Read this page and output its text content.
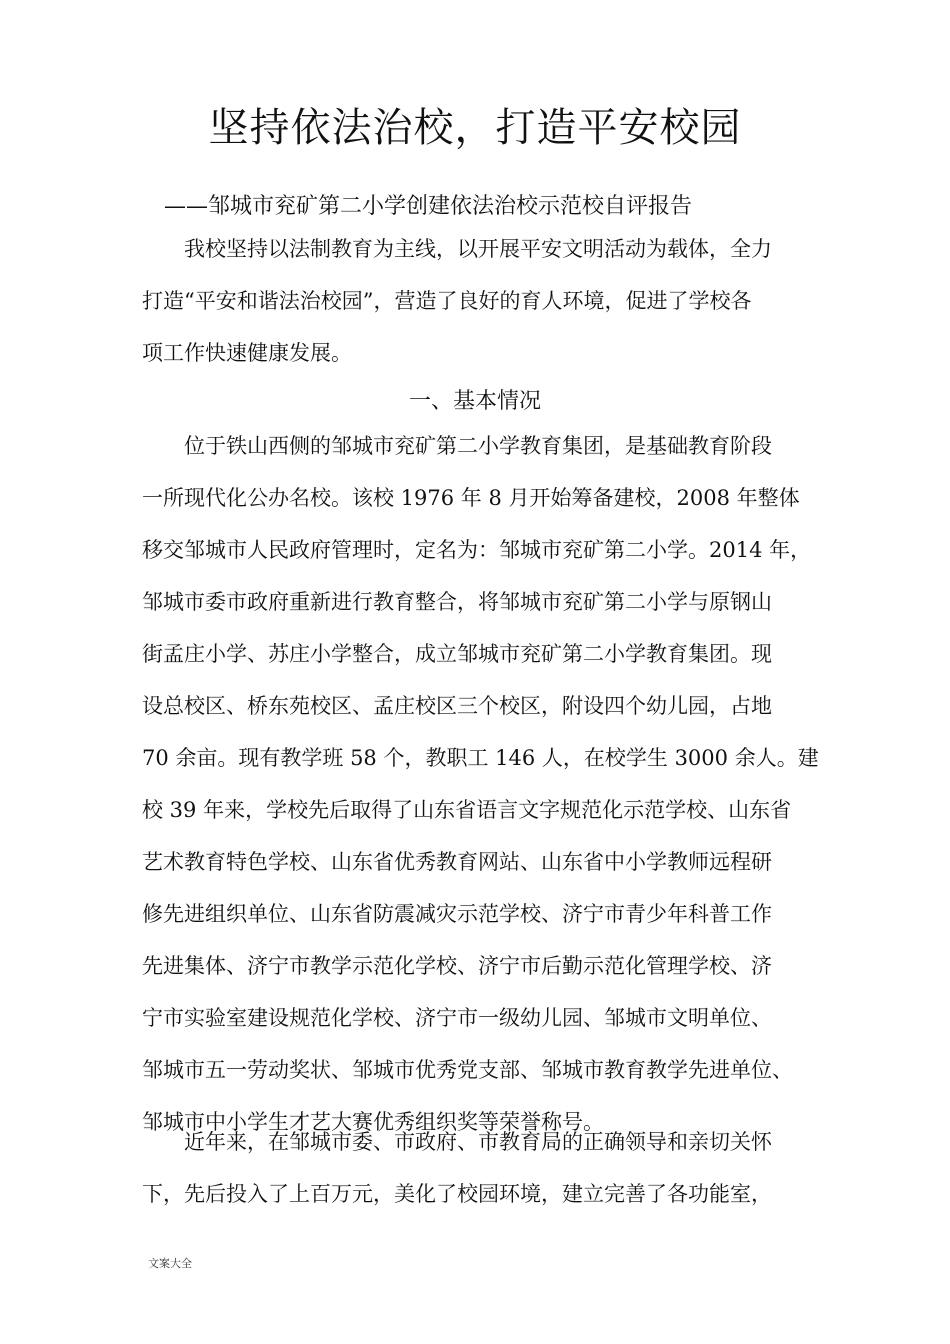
坚持依法治校，打造平安校园
——邹城市兖矿第二小学创建依法治校示范校自评报告
我校坚持以法制教育为主线，以开展平安文明活动为载体，全力
打造“平安和谐法治校园”，营造了良好的育人环境，促进了学校各
项工作快速健康发展。
一、基本情况
位于铁山西侧的邹城市兖矿第二小学教育集团，是基础教育阶段
一所现代化公办名校。该校 1976 年 8 月开始筹备建校，2008 年整体
移交邹城市人民政府管理时，定名为：邹城市兖矿第二小学。2014 年，
邹城市委市政府重新进行教育整合，将邹城市兖矿第二小学与原钢山
街孟庄小学、苏庄小学整合，成立邹城市兖矿第二小学教育集团。现
设总校区、桥东苑校区、孟庄校区三个校区，附设四个幼儿园，占地
70 余亩。现有教学班 58 个，教职工 146 人，在校学生 3000 余人。建
校 39 年来，学校先后取得了山东省语言文字规范化示范学校、山东省
艺术教育特色学校、山东省优秀教育网站、山东省中小学教师远程研
修先进组织单位、山东省防震减灾示范学校、济宁市青少年科普工作
先进集体、济宁市教学示范化学校、济宁市后勤示范化管理学校、济
宁市实验室建设规范化学校、济宁市一级幼儿园、邹城市文明单位、
邹城市五一劳动奖状、邹城市优秀党支部、邹城市教育教学先进单位、
邹城市中小学生才艺大赛优秀组织奖等荣誉称号。
近年来，在邹城市委、市政府、市教育局的正确领导和亲切关怀
下，先后投入了上百万元，美化了校园环境，建立完善了各功能室，
文案大全
